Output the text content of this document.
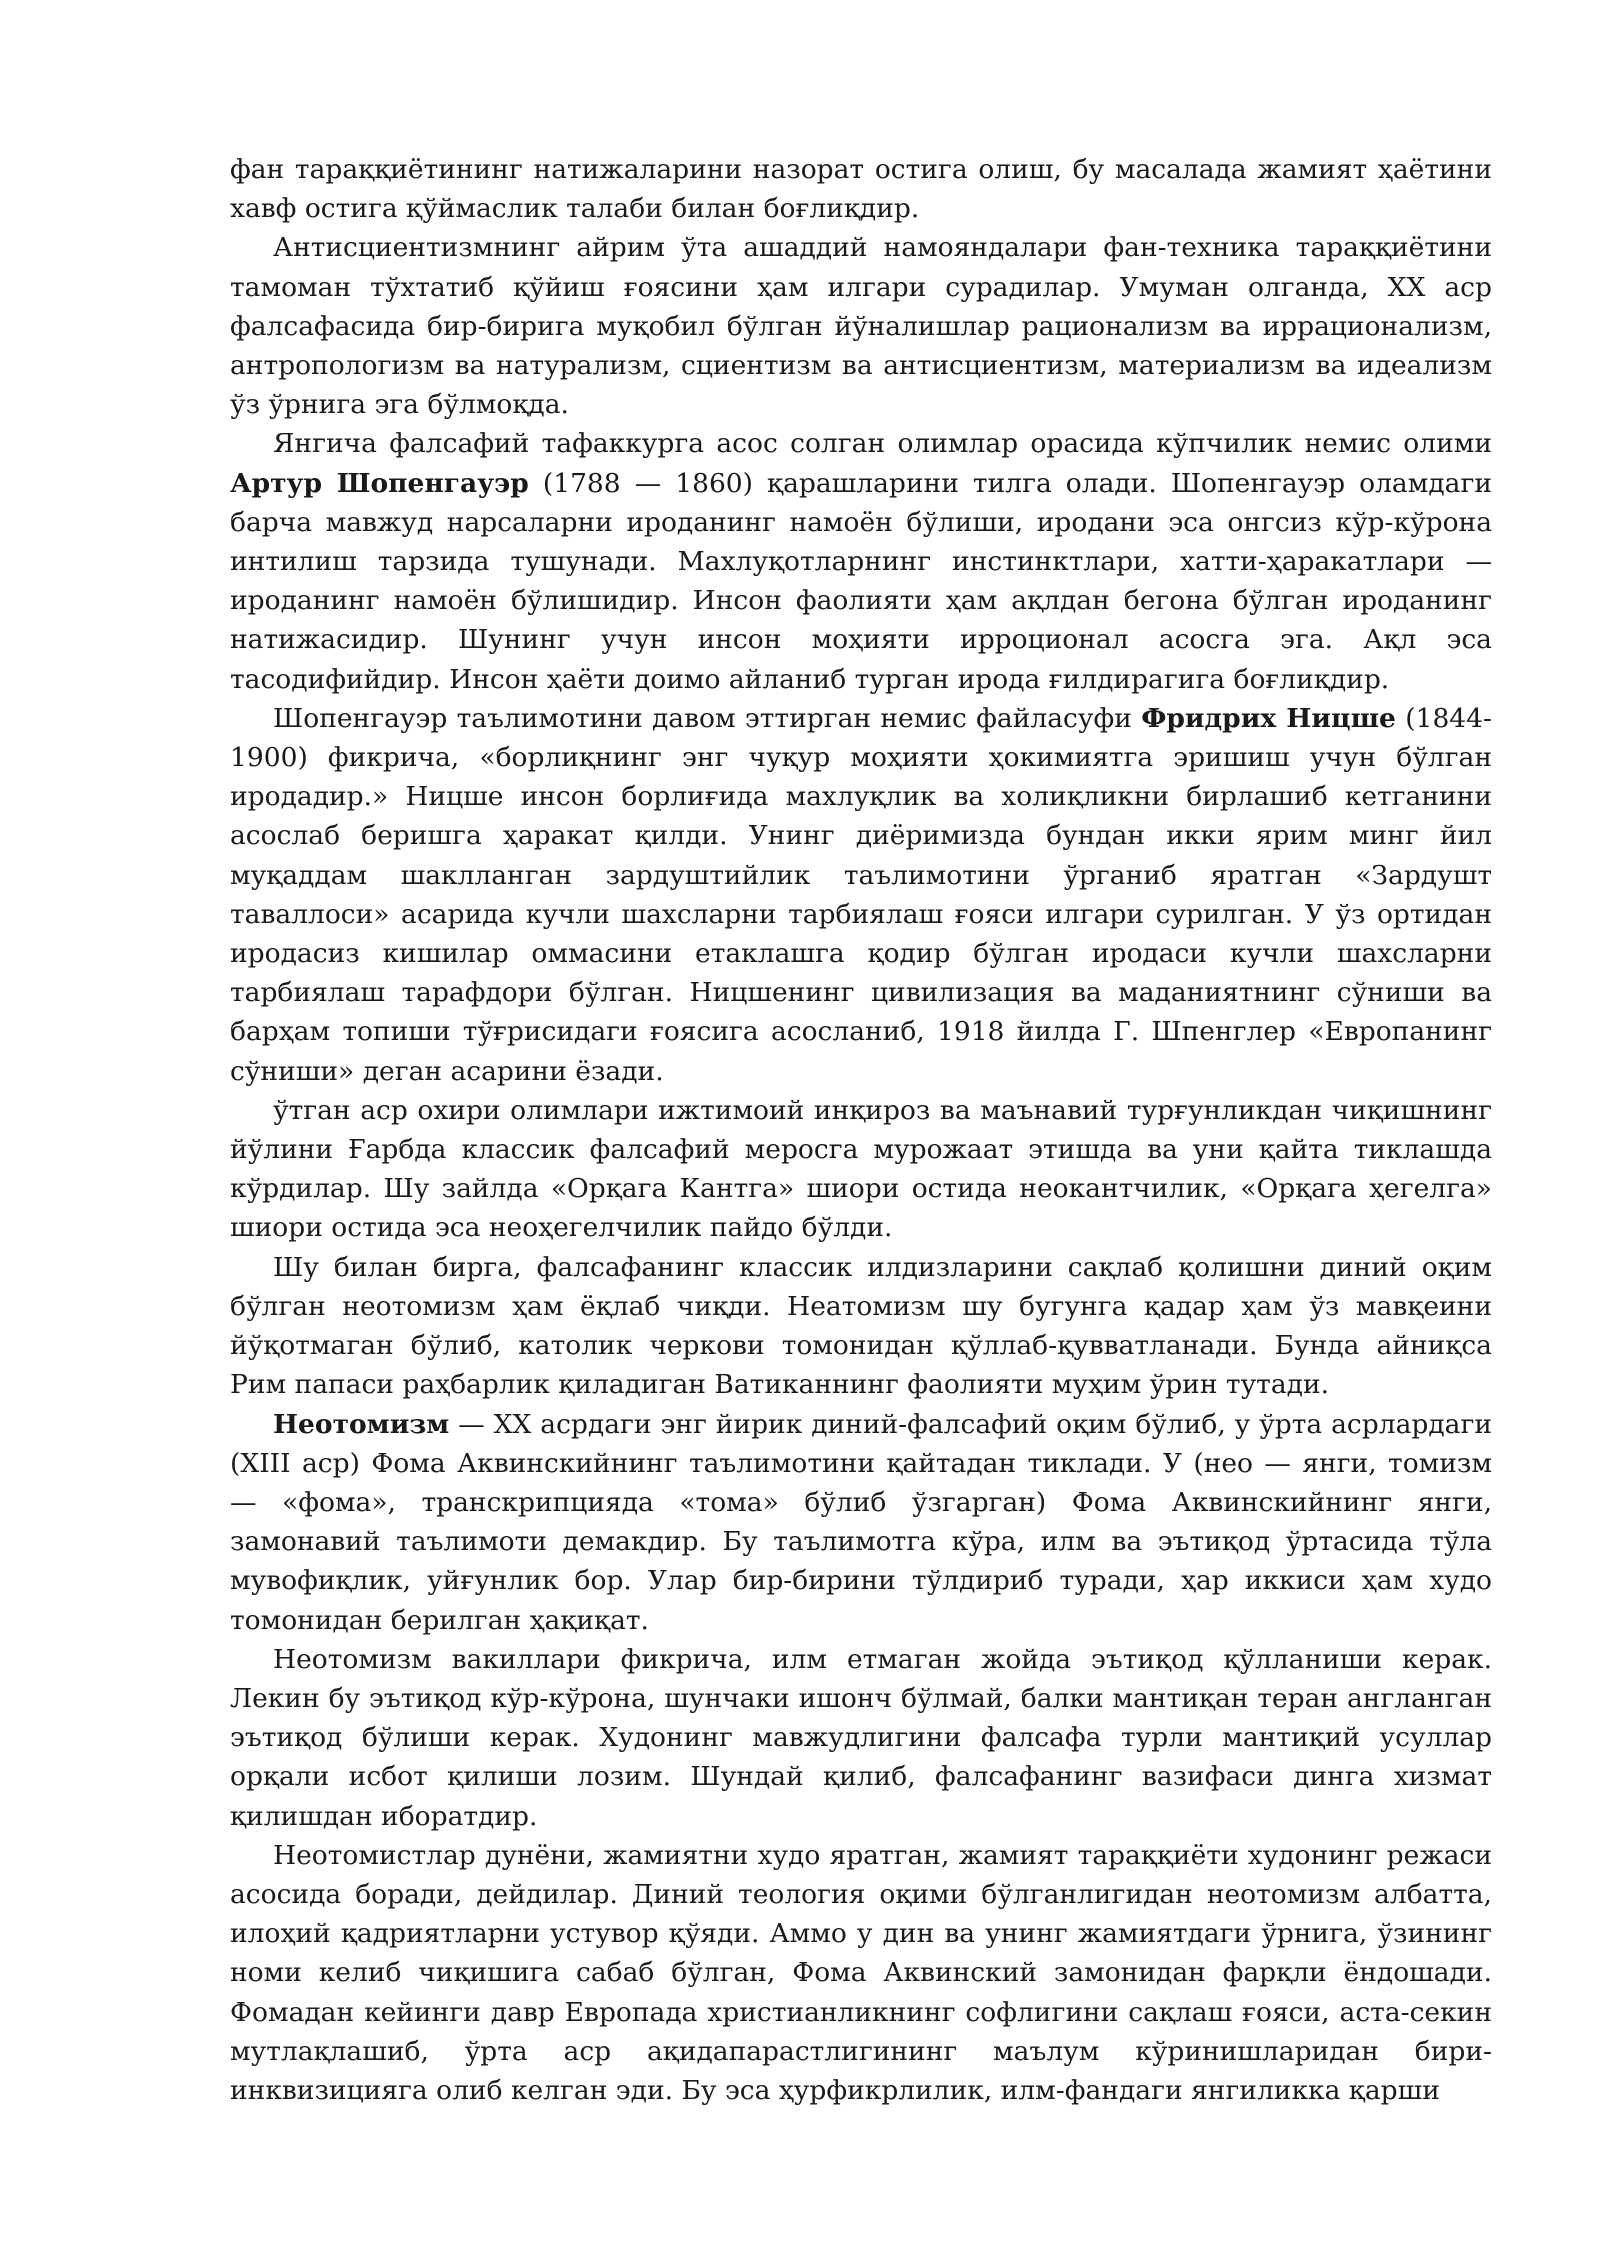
фан тараққиётининг натижаларини назорат остига олиш, бу масалада жамият ҳаётини хавф остига қўймаслик талаби билан боғлиқдир.

Антисциентизмнинг айрим ўта ашаддий намояндалари фан-техника тараққиётини тамоман тўхтатиб қўйиш ғоясини ҳам илгари сурадилар. Умуман олганда, XX аср фалсафасида бир-бирига муқобил бўлган йўналишлар рационализм ва иррационализм, антропологизм ва натурализм, сциентизм ва антисциентизм, материализм ва идеализм ўз ўрнига эга бўлмоқда.

Янгича фалсафий тафаккурга асос солган олимлар орасида кўпчилик немис олими Артур Шопенгауэр (1788 — 1860) қарашларини тилга олади. Шопенгауэр оламдаги барча мавжуд нарсаларни ироданинг намоён бўлиши, иродани эса онгсиз кўр-кўрона интилиш тарзида тушунади. Махлуқотларнинг инстинктлари, хатти-ҳаракатлари — ироданинг намоён бўлишидир. Инсон фаолияти ҳам ақлдан бегона бўлган ироданинг натижасидир. Шунинг учун инсон моҳияти ирроционал асосга эга. Ақл эса тасодифийдир. Инсон ҳаёти доимо айланиб турган ирода ғилдирагига боғлиқдир.

Шопенгауэр таълимотини давом эттирган немис файласуфи Фридрих Ницше (1844-1900) фикрича, «борлиқнинг энг чуқур моҳияти ҳокимиятга эришиш учун бўлган иродадир.» Ницше инсон борлиғида махлуқлик ва холиқликни бирлашиб кетганини асослаб беришга ҳаракат қилди. Унинг диёримизда бундан икки ярим минг йил муқаддам шаклланган зардуштийлик таълимотини ўрганиб яратган «Зардушт таваллоси» асарида кучли шахсларни тарбиялаш ғояси илгари сурилган. У ўз ортидан иродасиз кишилар оммасини етаклашга қодир бўлган иродаси кучли шахсларни тарбиялаш тарафдори бўлган. Ницшенинг цивилизация ва маданиятнинг сўниши ва барҳам топиши тўғрисидаги ғоясига асосланиб, 1918 йилда Г. Шпенглер «Европанинг сўниши» деган асарини ёзади.

ўтган аср охири олимлари ижтимоий инқироз ва маънавий турғунликдан чиқишнинг йўлини Ғарбда классик фалсафий меросга мурожаат этишда ва уни қайта тиклашда кўрдилар. Шу зайлда «Орқага Кантга» шиори остида неокантчилик, «Орқага ҳегелга» шиори остида эса неоҳегелчилик пайдо бўлди.

Шу билан бирга, фалсафанинг классик илдизларини сақлаб қолишни диний оқим бўлган неотомизм ҳам ёқлаб чиқди. Неатомизм шу бугунга қадар ҳам ўз мавқеини йўқотмаган бўлиб, католик черкови томонидан қўллаб-қувватланади. Бунда айниқса Рим папаси раҳбарлик қиладиган Ватиканнинг фаолияти муҳим ўрин тутади.

Неотомизм — XX асрдаги энг йирик диний-фалсафий оқим бўлиб, у ўрта асрлардаги (XIII аср) Фома Аквинскийнинг таълимотини қайтадан тиклади. У (нео — янги, томизм — «фома», транскрипцияда «тома» бўлиб ўзгарган) Фома Аквинскийнинг янги, замонавий таълимоти демакдир. Бу таълимотга кўра, илм ва эътиқод ўртасида тўла мувофиқлик, уйғунлик бор. Улар бир-бирини тўлдириб туради, ҳар иккиси ҳам худо томонидан берилган ҳақиқат.

Неотомизм вакиллари фикрича, илм етмаган жойда эътиқод қўлланиши керак. Лекин бу эътиқод кўр-кўрона, шунчаки ишонч бўлмай, балки мантиқан теран англанган эътиқод бўлиши керак. Худонинг мавжудлигини фалсафа турли мантиқий усуллар орқали исбот қилиши лозим. Шундай қилиб, фалсафанинг вазифаси динга хизмат қилишдан иборатдир.

Неотомистлар дунёни, жамиятни худо яратган, жамият тараққиёти худонинг режаси асосида боради, дейдилар. Диний теология оқими бўлганлигидан неотомизм албатта, илоҳий қадриятларни устувор қўяди. Аммо у дин ва унинг жамиятдаги ўрнига, ўзининг номи келиб чиқишига сабаб бўлган, Фома Аквинский замонидан фарқли ёндошади. Фомадан кейинги давр Европада христианликнинг софлигини сақлаш ғояси, аста-секин мутлақлашиб, ўрта аср ақидапарастлигининг маълум кўринишларидан бири-инквизицияга олиб келган эди. Бу эса ҳурфикрлилик, илм-фандаги янгиликка қарши
